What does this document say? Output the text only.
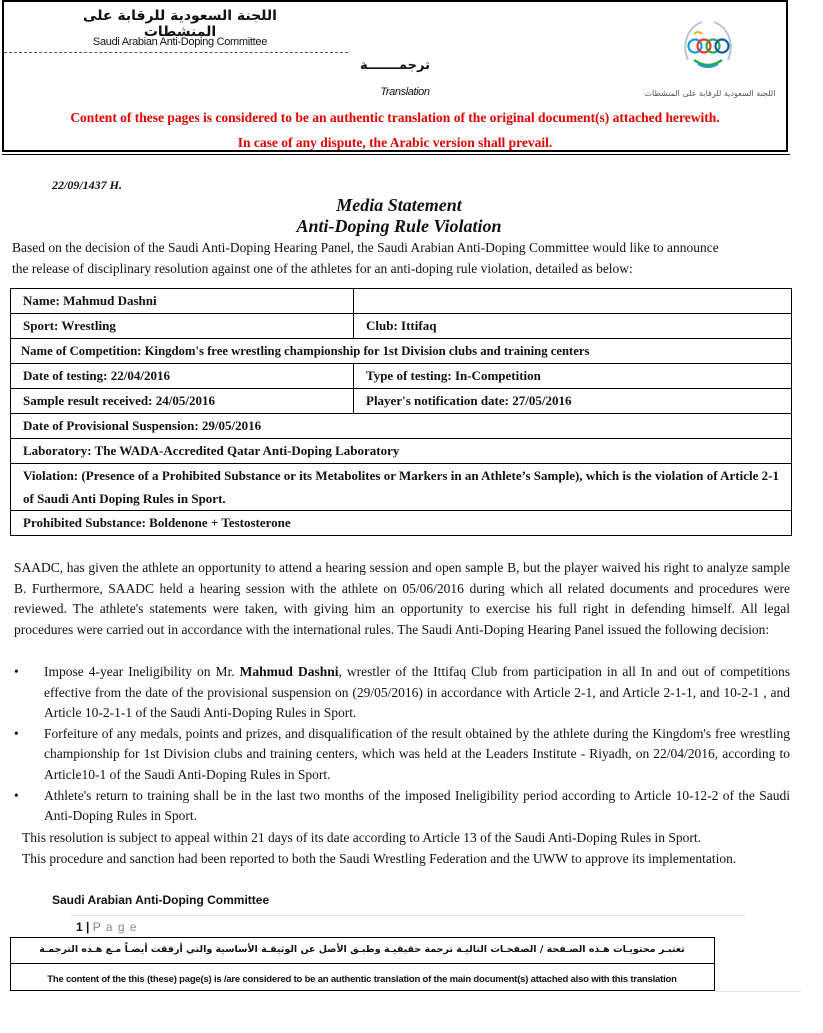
اللجنة السعودية للرقابة على المنشطات
Saudi Arabian Anti-Doping Committee
ترجمـــــــة
Translation	اللجنة السعودية للرقابة على المنشطات
Content of these pages is considered to be an authentic translation of the original document(s) attached herewith.
In case of any dispute, the Arabic version shall prevail.
22/09/1437 H.
Media Statement
Anti-Doping Rule Violation
Based on the decision of the Saudi Anti-Doping Hearing Panel, the Saudi Arabian Anti-Doping Committee would like to announce
the release of disciplinary resolution against one of the athletes for an anti-doping rule violation, detailed as below:
Name: Mahmud Dashni	
Sport: Wrestling	Club: Ittifaq
Name of Competition: Kingdom's free wrestling championship for 1st Division clubs and training centers	
Date of testing: 22/04/2016	Type of testing: In-Competition
Sample result received: 24/05/2016	Player's notification date: 27/05/2016
Date of Provisional Suspension: 29/05/2016	
Laboratory: The WADA-Accredited Qatar Anti-Doping Laboratory	
Violation: (Presence of a Prohibited Substance or its Metabolites or Markers in an Athlete’s Sample), which is the violation of Article 2-1 of Saudi Anti Doping Rules in Sport.	
Prohibited Substance: Boldenone + Testosterone	
SAADC, has given the athlete an opportunity to attend a hearing session and open sample B, but the player waived his right to analyze sample B. Furthermore, SAADC held a hearing session with the athlete on 05/06/2016 during which all related documents and procedures were reviewed. The athlete's statements were taken, with giving him an opportunity to exercise his full right in defending himself. All legal procedures were carried out in accordance with the international rules. The Saudi Anti-Doping Hearing Panel issued the following decision:
• Impose 4-year Ineligibility on Mr. Mahmud Dashni, wrestler of the Ittifaq Club from participation in all In and out of competitions effective from the date of the provisional suspension on (29/05/2016) in accordance with Article 2-1, and Article 2-1-1, and 10-2-1 , and Article 10-2-1-1 of the Saudi Anti-Doping Rules in Sport.
• Forfeiture of any medals, points and prizes, and disqualification of the result obtained by the athlete during the Kingdom's free wrestling championship for 1st Division clubs and training centers, which was held at the Leaders Institute - Riyadh, on 22/04/2016, according to Article10-1 of the Saudi Anti-Doping Rules in Sport.
• Athlete's return to training shall be in the last two months of the imposed Ineligibility period according to Article 10-12-2 of the Saudi Anti-Doping Rules in Sport.
This resolution is subject to appeal within 21 days of its date according to Article 13 of the Saudi Anti-Doping Rules in Sport.
This procedure and sanction had been reported to both the Saudi Wrestling Federation and the UWW to approve its implementation.
Saudi Arabian Anti-Doping Committee
1 | P a g e
تعتبـر محتويـات هـذه الصـفحة / الصفحـات التاليـة ترجمة حقيقيـة وطبـق الأصل عن الوثيقـة الأساسية والتي أرفقت أيضـاً مـع هـذه الترجمـة
The content of the this (these) page(s) is /are considered to be an authentic translation of the main document(s) attached also with this translation
